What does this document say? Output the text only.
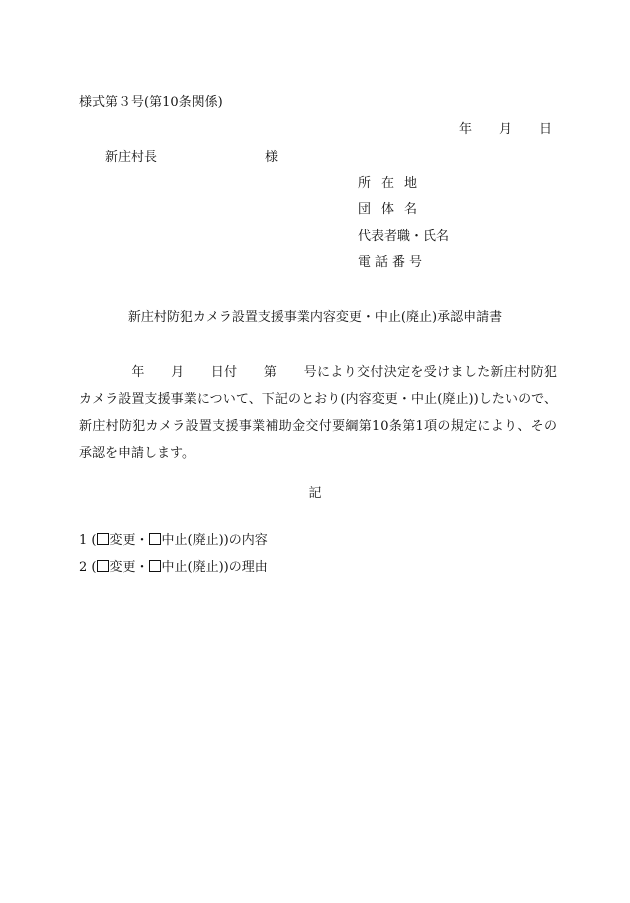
様式第３号(第10条関係)
年 月 日
新庄村長	様
所在地
団体名
代表者職・氏名
電話番号
新庄村防犯カメラ設置支援事業内容変更・中止(廃止)承認申請書
年 月 日付 第 号により交付決定を受けました新庄村防犯カメラ設置支援事業について、下記のとおり(内容変更・中止(廃止))したいので、新庄村防犯カメラ設置支援事業補助金交付要綱第10条第1項の規定により、その承認を申請します。
記
1 ( 変更・ 中止(廃止))の内容
2 ( 変更・ 中止(廃止))の理由
